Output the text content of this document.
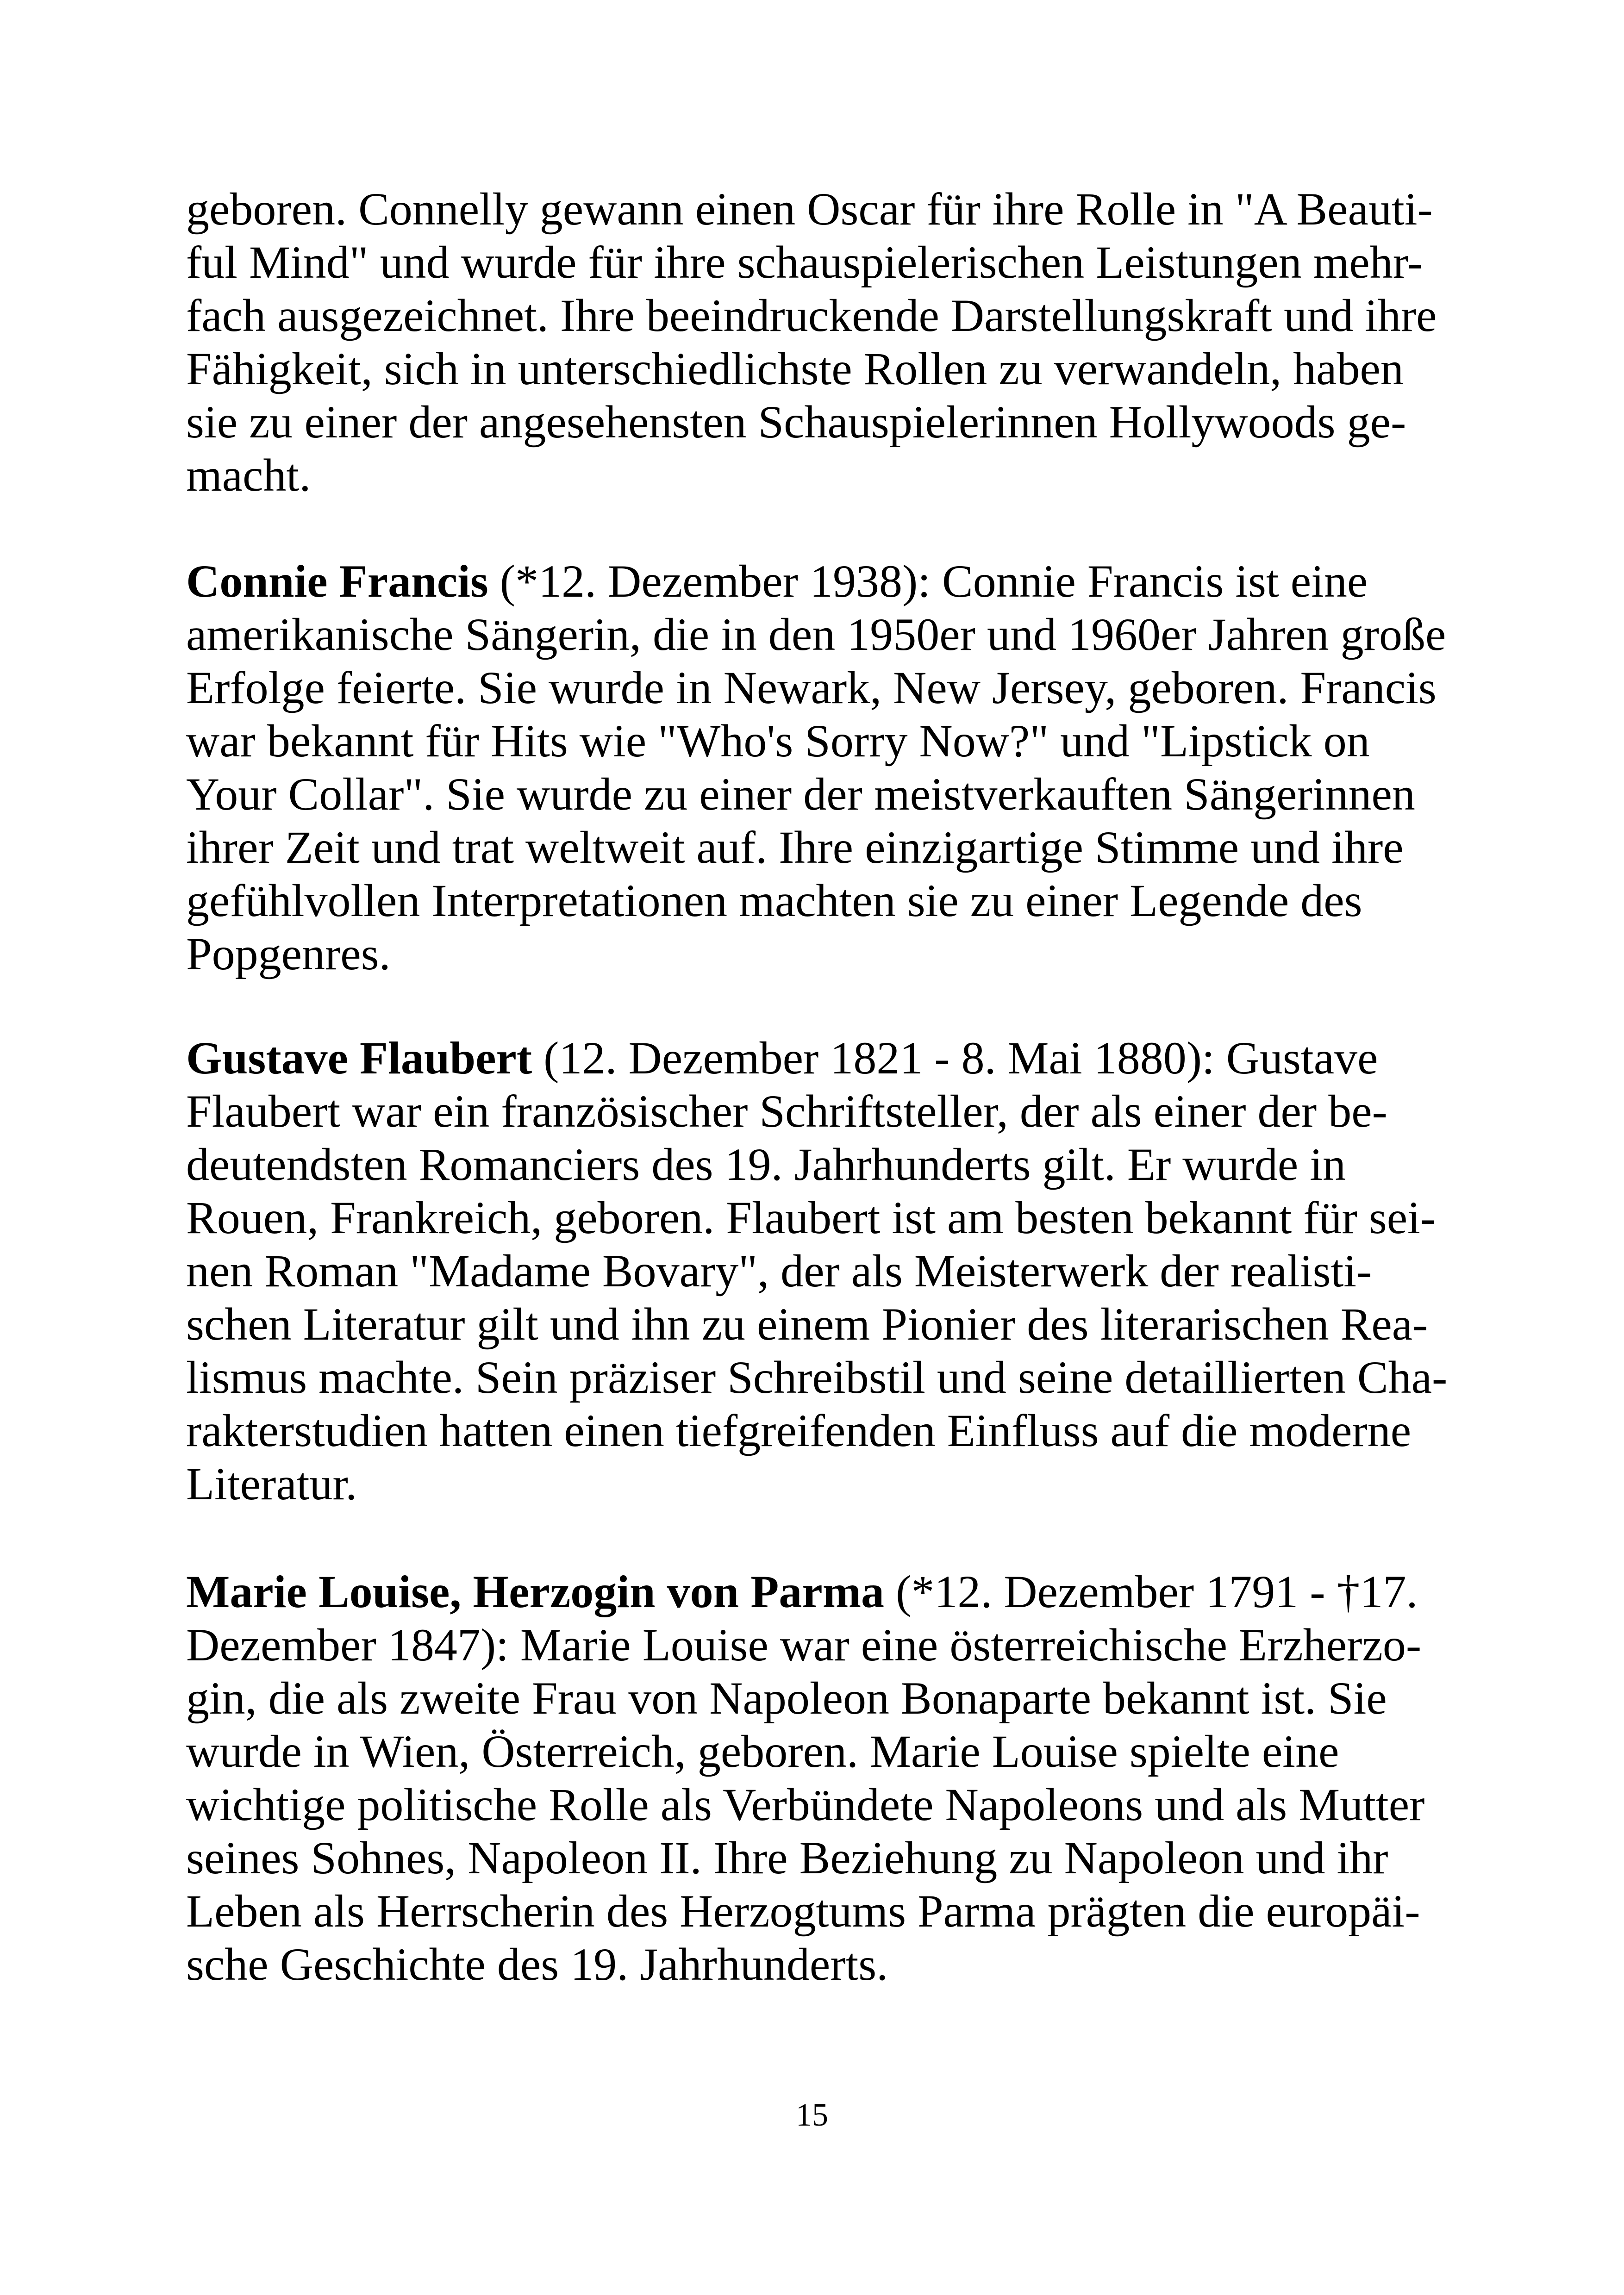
geboren. Connelly gewann einen Oscar für ihre Rolle in "A Beauti-
ful Mind" und wurde für ihre schauspielerischen Leistungen mehr-
fach ausgezeichnet. Ihre beeindruckende Darstellungskraft und ihre
Fähigkeit, sich in unterschiedlichste Rollen zu verwandeln, haben
sie zu einer der angesehensten Schauspielerinnen Hollywoods ge-
macht.
Connie Francis (*12. Dezember 1938): Connie Francis ist eine
amerikanische Sängerin, die in den 1950er und 1960er Jahren große
Erfolge feierte. Sie wurde in Newark, New Jersey, geboren. Francis
war bekannt für Hits wie "Who's Sorry Now?" und "Lipstick on
Your Collar". Sie wurde zu einer der meistverkauften Sängerinnen
ihrer Zeit und trat weltweit auf. Ihre einzigartige Stimme und ihre
gefühlvollen Interpretationen machten sie zu einer Legende des
Popgenres.
Gustave Flaubert (12. Dezember 1821 - 8. Mai 1880): Gustave
Flaubert war ein französischer Schriftsteller, der als einer der be-
deutendsten Romanciers des 19. Jahrhunderts gilt. Er wurde in
Rouen, Frankreich, geboren. Flaubert ist am besten bekannt für sei-
nen Roman "Madame Bovary", der als Meisterwerk der realisti-
schen Literatur gilt und ihn zu einem Pionier des literarischen Rea-
lismus machte. Sein präziser Schreibstil und seine detaillierten Cha-
rakterstudien hatten einen tiefgreifenden Einfluss auf die moderne
Literatur.
Marie Louise, Herzogin von Parma (*12. Dezember 1791 - †17.
Dezember 1847): Marie Louise war eine österreichische Erzherzo-
gin, die als zweite Frau von Napoleon Bonaparte bekannt ist. Sie
wurde in Wien, Österreich, geboren. Marie Louise spielte eine
wichtige politische Rolle als Verbündete Napoleons und als Mutter
seines Sohnes, Napoleon II. Ihre Beziehung zu Napoleon und ihr
Leben als Herrscherin des Herzogtums Parma prägten die europäi-
sche Geschichte des 19. Jahrhunderts.
15
